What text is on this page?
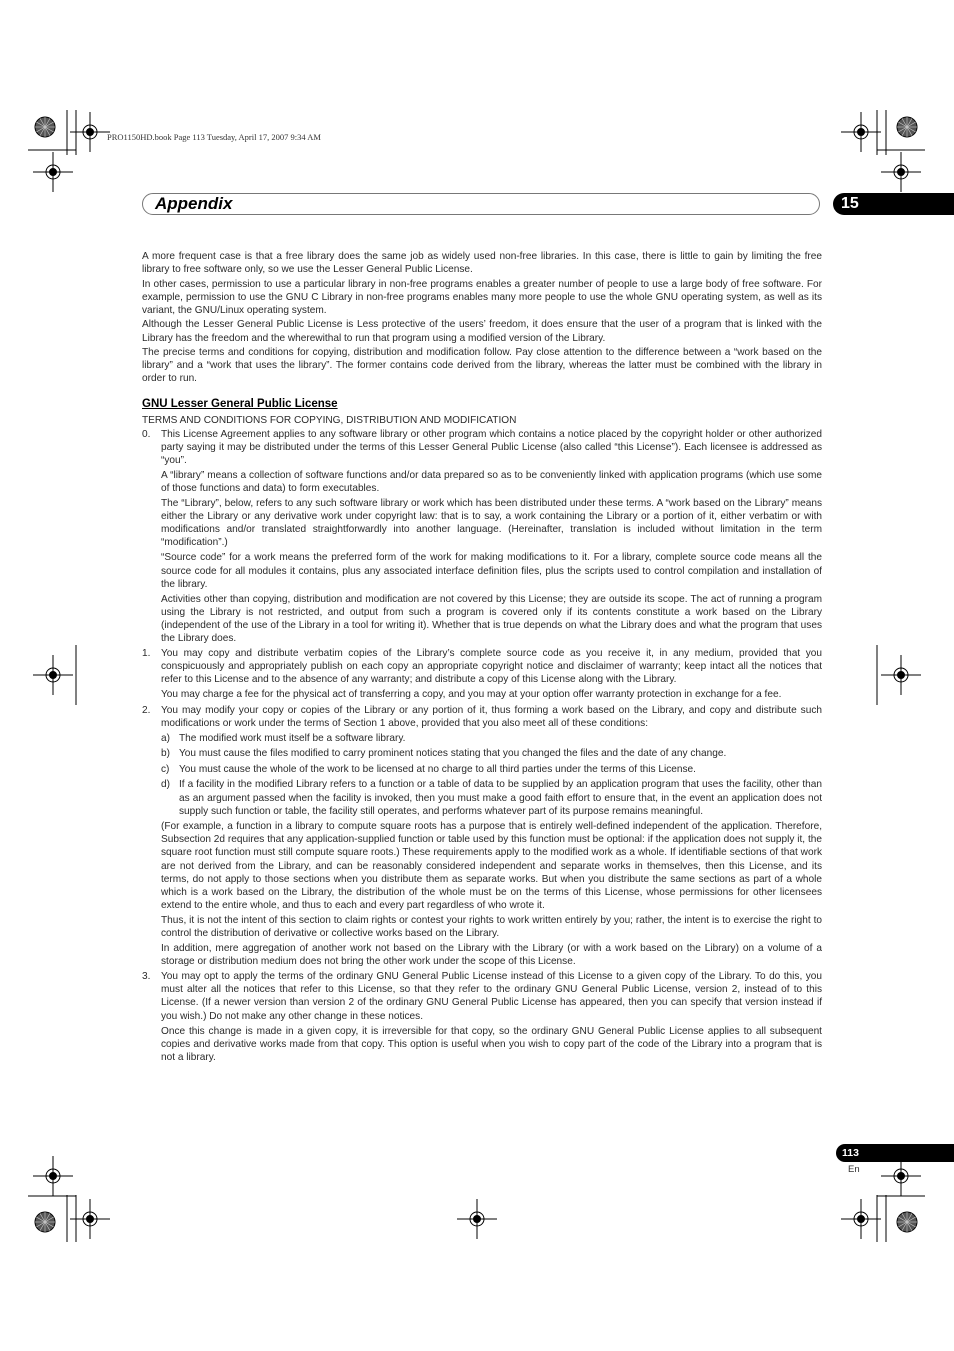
PRO1150HD.book Page 113 Tuesday, April 17, 2007 9:34 AM
Appendix	15

A more frequent case is that a free library does the same job as widely used non-free libraries. In this case, there is little to gain by limiting the free library to free software only, so we use the Lesser General Public License.

In other cases, permission to use a particular library in non-free programs enables a greater number of people to use a large body of free software. For example, permission to use the GNU C Library in non-free programs enables many more people to use the whole GNU operating system, as well as its variant, the GNU/Linux operating system.

Although the Lesser General Public License is Less protective of the users’ freedom, it does ensure that the user of a program that is linked with the Library has the freedom and the wherewithal to run that program using a modified version of the Library.

The precise terms and conditions for copying, distribution and modification follow. Pay close attention to the difference between a “work based on the library” and a “work that uses the library”. The former contains code derived from the library, whereas the latter must be combined with the library in order to run.

GNU Lesser General Public License

TERMS AND CONDITIONS FOR COPYING, DISTRIBUTION AND MODIFICATION

0. This License Agreement applies to any software library or other program which contains a notice placed by the copyright holder or other authorized party saying it may be distributed under the terms of this Lesser General Public License (also called “this License”). Each licensee is addressed as “you”.

A “library” means a collection of software functions and/or data prepared so as to be conveniently linked with application programs (which use some of those functions and data) to form executables.

The “Library”, below, refers to any such software library or work which has been distributed under these terms. A “work based on the Library” means either the Library or any derivative work under copyright law: that is to say, a work containing the Library or a portion of it, either verbatim or with modifications and/or translated straightforwardly into another language. (Hereinafter, translation is included without limitation in the term “modification”.)

“Source code” for a work means the preferred form of the work for making modifications to it. For a library, complete source code means all the source code for all modules it contains, plus any associated interface definition files, plus the scripts used to control compilation and installation of the library.

Activities other than copying, distribution and modification are not covered by this License; they are outside its scope. The act of running a program using the Library is not restricted, and output from such a program is covered only if its contents constitute a work based on the Library (independent of the use of the Library in a tool for writing it). Whether that is true depends on what the Library does and what the program that uses the Library does.

1. You may copy and distribute verbatim copies of the Library’s complete source code as you receive it, in any medium, provided that you conspicuously and appropriately publish on each copy an appropriate copyright notice and disclaimer of warranty; keep intact all the notices that refer to this License and to the absence of any warranty; and distribute a copy of this License along with the Library.

You may charge a fee for the physical act of transferring a copy, and you may at your option offer warranty protection in exchange for a fee.

2. You may modify your copy or copies of the Library or any portion of it, thus forming a work based on the Library, and copy and distribute such modifications or work under the terms of Section 1 above, provided that you also meet all of these conditions:

a) The modified work must itself be a software library.

b) You must cause the files modified to carry prominent notices stating that you changed the files and the date of any change.

c) You must cause the whole of the work to be licensed at no charge to all third parties under the terms of this License.

d) If a facility in the modified Library refers to a function or a table of data to be supplied by an application program that uses the facility, other than as an argument passed when the facility is invoked, then you must make a good faith effort to ensure that, in the event an application does not supply such function or table, the facility still operates, and performs whatever part of its purpose remains meaningful.

(For example, a function in a library to compute square roots has a purpose that is entirely well-defined independent of the application. Therefore, Subsection 2d requires that any application-supplied function or table used by this function must be optional: if the application does not supply it, the square root function must still compute square roots.) These requirements apply to the modified work as a whole. If identifiable sections of that work are not derived from the Library, and can be reasonably considered independent and separate works in themselves, then this License, and its terms, do not apply to those sections when you distribute them as separate works. But when you distribute the same sections as part of a whole which is a work based on the Library, the distribution of the whole must be on the terms of this License, whose permissions for other licensees extend to the entire whole, and thus to each and every part regardless of who wrote it.

Thus, it is not the intent of this section to claim rights or contest your rights to work written entirely by you; rather, the intent is to exercise the right to control the distribution of derivative or collective works based on the Library.

In addition, mere aggregation of another work not based on the Library with the Library (or with a work based on the Library) on a volume of a storage or distribution medium does not bring the other work under the scope of this License.

3. You may opt to apply the terms of the ordinary GNU General Public License instead of this License to a given copy of the Library. To do this, you must alter all the notices that refer to this License, so that they refer to the ordinary GNU General Public License, version 2, instead of to this License. (If a newer version than version 2 of the ordinary GNU General Public License has appeared, then you can specify that version instead if you wish.) Do not make any other change in these notices.

Once this change is made in a given copy, it is irreversible for that copy, so the ordinary GNU General Public License applies to all subsequent copies and derivative works made from that copy. This option is useful when you wish to copy part of the code of the Library into a program that is not a library.

113
En
